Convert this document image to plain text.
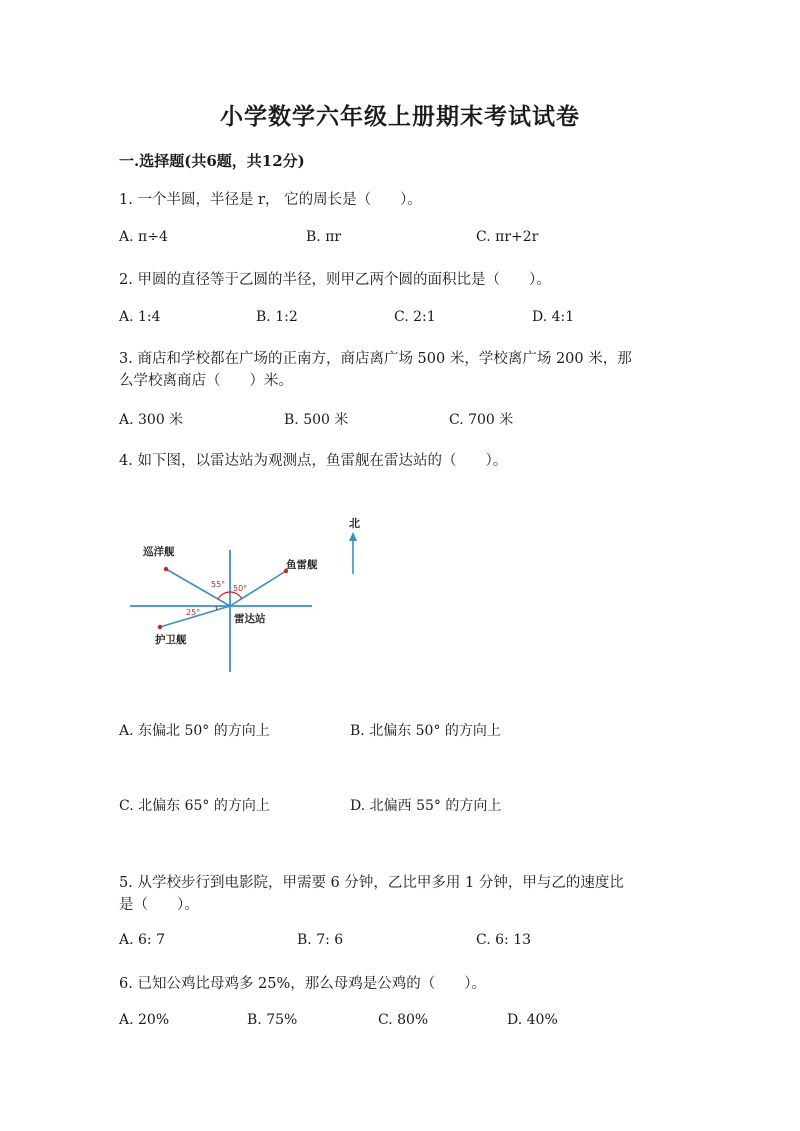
小学数学六年级上册期末考试试卷
一.选择题(共6题，共12分)
1. 一个半圆，半径是 r， 它的周长是（　　）。
A. π÷4	B. πr	C. πr+2r
2. 甲圆的直径等于乙圆的半径，则甲乙两个圆的面积比是（　　）。
A. 1:4	B. 1:2	C. 2:1	D. 4:1
3. 商店和学校都在广场的正南方，商店离广场 500 米，学校离广场 200 米，那
么学校离商店（　　）米。
A. 300 米	B. 500 米	C. 700 米
4. 如下图，以雷达站为观测点，鱼雷舰在雷达站的（　　）。
北
巡洋舰
鱼雷舰
雷达站
护卫舰
55° 50°
25°
A. 东偏北 50° 的方向上	B. 北偏东 50° 的方向上
C. 北偏东 65° 的方向上	D. 北偏西 55° 的方向上
5. 从学校步行到电影院，甲需要 6 分钟，乙比甲多用 1 分钟，甲与乙的速度比
是（　　）。
A. 6: 7	B. 7: 6	C. 6: 13
6. 已知公鸡比母鸡多 25%，那么母鸡是公鸡的（　　）。
A. 20%	B. 75%	C. 80%	D. 40%
